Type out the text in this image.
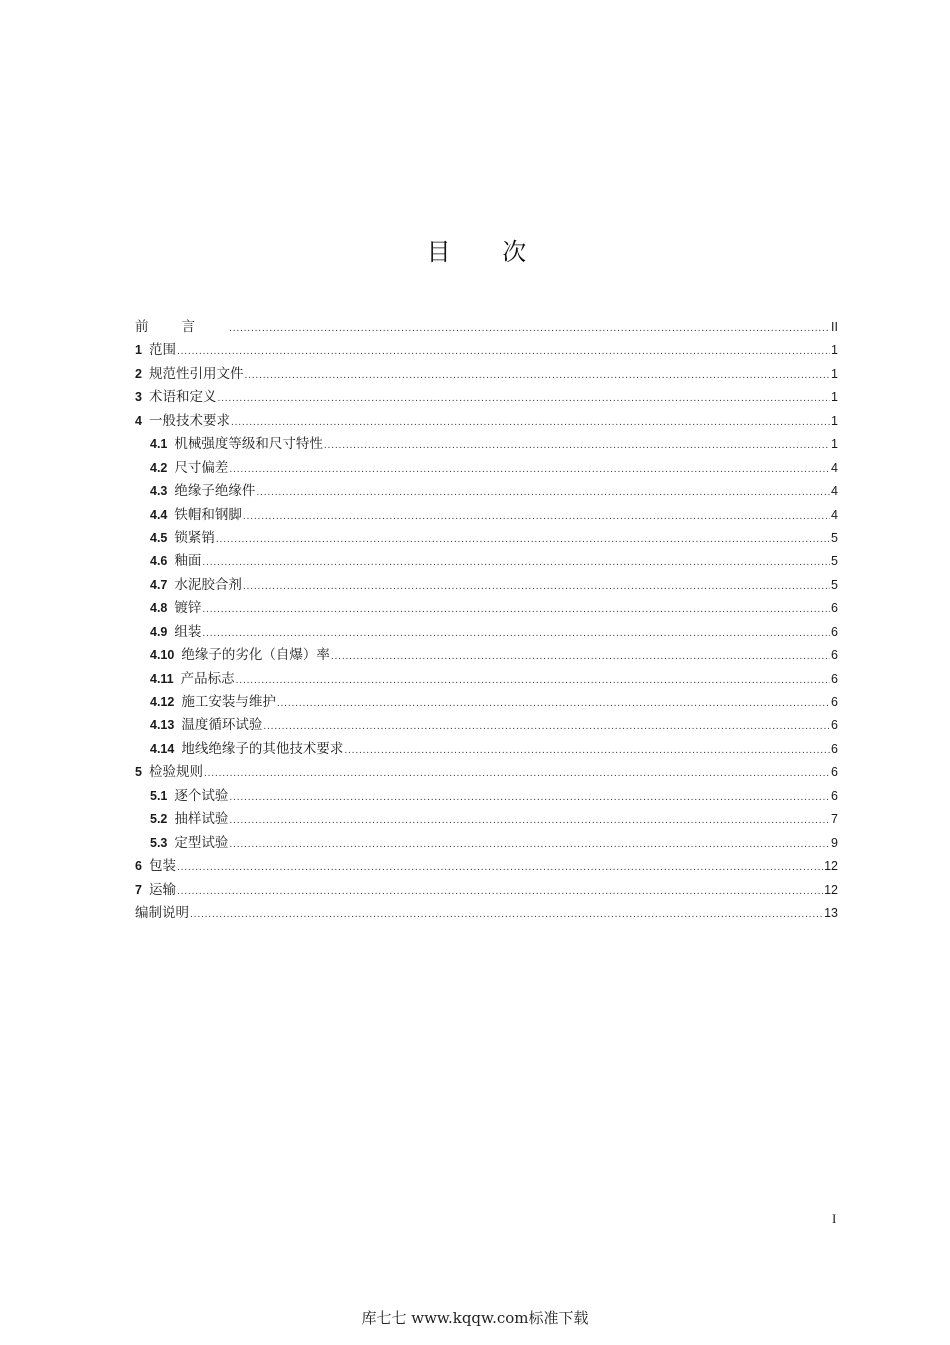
目 次
前言 .....	II
1 范围 .....	1
2 规范性引用文件 .....	1
3 术语和定义 .....	1
4 一般技术要求 .....	1
4.1 机械强度等级和尺寸特性 .....	1
4.2 尺寸偏差 .....	4
4.3 绝缘子绝缘件 .....	4
4.4 铁帽和钢脚 .....	4
4.5 锁紧销 .....	5
4.6 釉面 .....	5
4.7 水泥胶合剂 .....	5
4.8 镀锌 .....	6
4.9 组装 .....	6
4.10 绝缘子的劣化（自爆）率 .....	6
4.11 产品标志 .....	6
4.12 施工安装与维护 .....	6
4.13 温度循环试验 .....	6
4.14 地线绝缘子的其他技术要求 .....	6
5 检验规则 .....	6
5.1 逐个试验 .....	6
5.2 抽样试验 .....	7
5.3 定型试验 .....	9
6 包装 .....	12
7 运输 .....	12
编制说明 .....	13
I
库七七 www.kqqw.com标准下载
